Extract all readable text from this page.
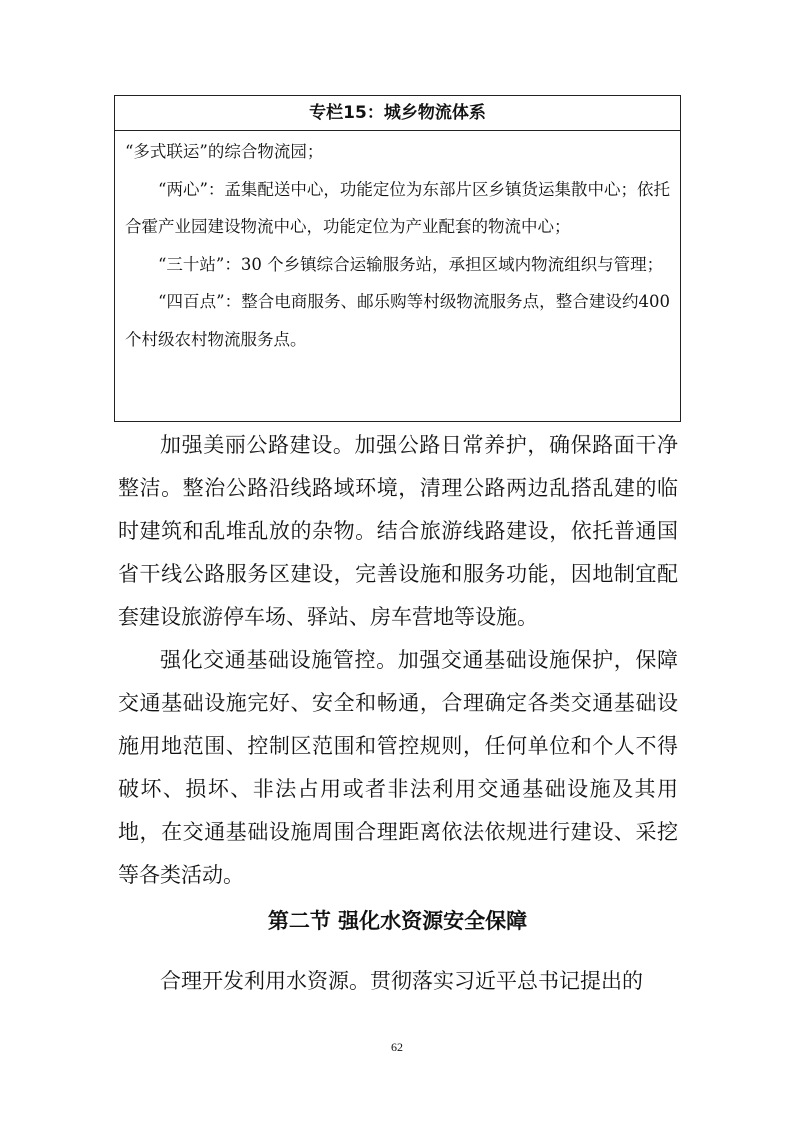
专栏15：城乡物流体系

“多式联运”的综合物流园；

“两心”：孟集配送中心，功能定位为东部片区乡镇货运集散中心；依托合霍产业园建设物流中心，功能定位为产业配套的物流中心；

“三十站”：30 个乡镇综合运输服务站，承担区域内物流组织与管理；

“四百点”：整合电商服务、邮乐购等村级物流服务点，整合建设约400个村级农村物流服务点。

加强美丽公路建设。加强公路日常养护，确保路面干净整洁。整治公路沿线路域环境，清理公路两边乱搭乱建的临时建筑和乱堆乱放的杂物。结合旅游线路建设，依托普通国省干线公路服务区建设，完善设施和服务功能，因地制宜配套建设旅游停车场、驿站、房车营地等设施。

强化交通基础设施管控。加强交通基础设施保护，保障交通基础设施完好、安全和畅通，合理确定各类交通基础设施用地范围、控制区范围和管控规则，任何单位和个人不得破坏、损坏、非法占用或者非法利用交通基础设施及其用地，在交通基础设施周围合理距离依法依规进行建设、采挖等各类活动。

第二节 强化水资源安全保障

合理开发利用水资源。贯彻落实习近平总书记提出的

62
